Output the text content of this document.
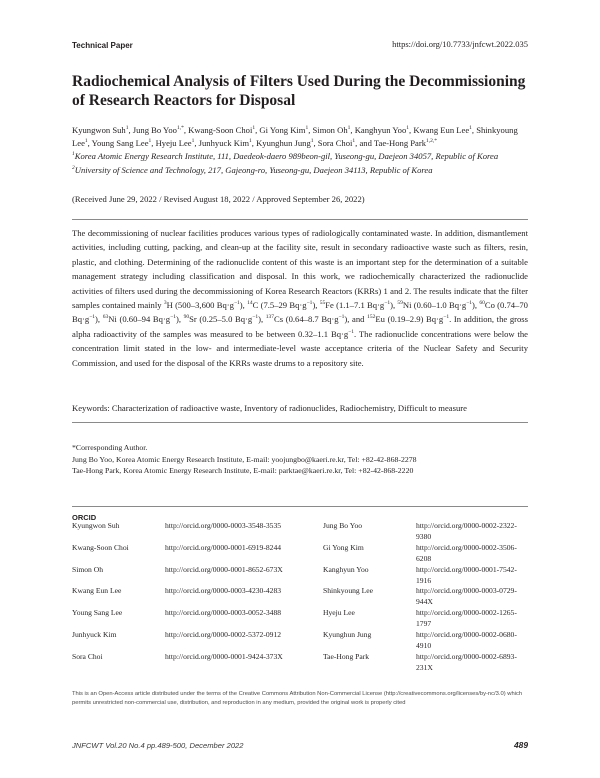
Technical Paper	https://doi.org/10.7733/jnfcwt.2022.035
Radiochemical Analysis of Filters Used During the Decommissioning of Research Reactors for Disposal
Kyungwon Suh$^1$, Jung Bo Yoo$^{1,*}$, Kwang-Soon Choi$^1$, Gi Yong Kim$^1$, Simon Oh$^1$, Kanghyun Yoo$^1$, Kwang Eun Lee$^1$, Shinkyoung Lee$^1$, Young Sang Lee$^1$, Hyeju Lee$^1$, Junhyuck Kim$^1$, Kyunghun Jung$^1$, Sora Choi$^1$, and Tae-Hong Park$^{1,2,*}$
$^1$Korea Atomic Energy Research Institute, 111, Daedeok-daero 989beon-gil, Yuseong-gu, Daejeon 34057, Republic of Korea
$^2$University of Science and Technology, 217, Gajeong-ro, Yuseong-gu, Daejeon 34113, Republic of Korea
(Received June 29, 2022 / Revised August 18, 2022 / Approved September 26, 2022)
The decommissioning of nuclear facilities produces various types of radiologically contaminated waste. In addition, dismantlement activities, including cutting, packing, and clean-up at the facility site, result in secondary radioactive waste such as filters, resin, plastic, and clothing. Determining of the radionuclide content of this waste is an important step for the determination of a suitable management strategy including classification and disposal. In this work, we radiochemically characterized the radionuclide activities of filters used during the decommissioning of Korea Research Reactors (KRRs) 1 and 2. The results indicate that the filter samples contained mainly $^3$H (500–3,600 $Bq\cdot g^{-1}$), $^{14}$C (7.5–29 $Bq\cdot g^{-1}$), $^{55}$Fe (1.1–7.1 $Bq\cdot g^{-1}$), $^{59}$Ni (0.60–1.0 $Bq\cdot g^{-1}$), $^{60}$Co (0.74–70 $Bq\cdot g^{-1}$), $^{63}$Ni (0.60–94 $Bq\cdot g^{-1}$), $^{90}$Sr (0.25–5.0 $Bq\cdot g^{-1}$), $^{137}$Cs (0.64–8.7 $Bq\cdot g^{-1}$), and $^{152}$Eu (0.19–2.9) $Bq\cdot g^{-1}$. In addition, the gross alpha radioactivity of the samples was measured to be between 0.32–1.1 $Bq\cdot g^{-1}$. The radionuclide concentrations were below the concentration limit stated in the low- and intermediate-level waste acceptance criteria of the Nuclear Safety and Security Commission, and used for the disposal of the KRRs waste drums to a repository site.
Keywords: Characterization of radioactive waste, Inventory of radionuclides, Radiochemistry, Difficult to measure
*Corresponding Author.
Jung Bo Yoo, Korea Atomic Energy Research Institute, E-mail: yoojungbo@kaeri.re.kr, Tel: +82-42-868-2278
Tae-Hong Park, Korea Atomic Energy Research Institute, E-mail: parktae@kaeri.re.kr, Tel: +82-42-868-2220
ORCID
Kyungwon Suh	http://orcid.org/0000-0003-3548-3535	Jung Bo Yoo	http://orcid.org/0000-0002-2322-9380
Kwang-Soon Choi	http://orcid.org/0000-0001-6919-8244	Gi Yong Kim	http://orcid.org/0000-0002-3506-6208
Simon Oh	http://orcid.org/0000-0001-8652-673X	Kanghyun Yoo	http://orcid.org/0000-0001-7542-1916
Kwang Eun Lee	http://orcid.org/0000-0003-4230-4283	Shinkyoung Lee	http://orcid.org/0000-0003-0729-944X
Young Sang Lee	http://orcid.org/0000-0003-0052-3488	Hyeju Lee	http://orcid.org/0000-0002-1265-1797
Junhyuck Kim	http://orcid.org/0000-0002-5372-0912	Kyunghun Jung	http://orcid.org/0000-0002-0680-4910
Sora Choi	http://orcid.org/0000-0001-9424-373X	Tae-Hong Park	http://orcid.org/0000-0002-6893-231X
This is an Open-Access article distributed under the terms of the Creative Commons Attribution Non-Commercial License (http://creativecommons.org/licenses/by-nc/3.0) which permits unrestricted non-commercial use, distribution, and reproduction in any medium, provided the original work is properly cited
JNFCWT Vol.20 No.4 pp.489-500, December 2022	489
